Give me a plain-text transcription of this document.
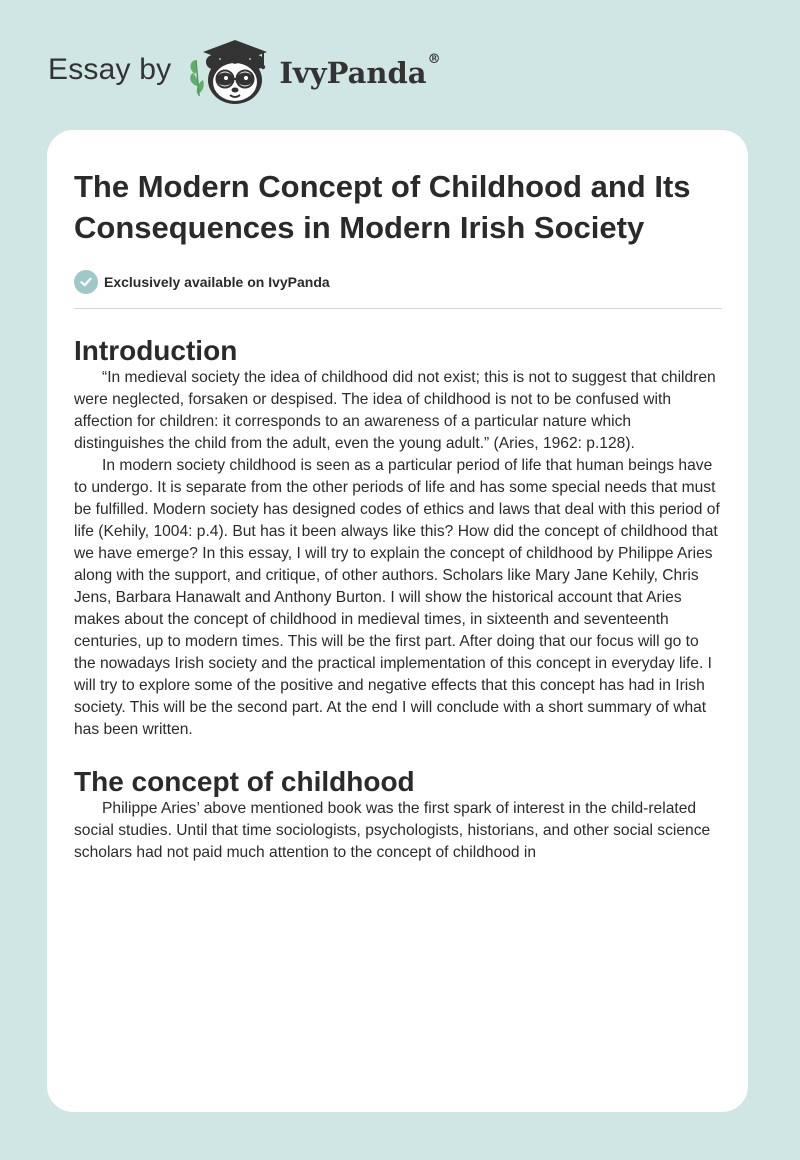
Essay by	IvyPanda®
The Modern Concept of Childhood and Its Consequences in Modern Irish Society
Exclusively available on IvyPanda
Introduction

“In medieval society the idea of childhood did not exist; this is not to suggest that children were neglected, forsaken or despised. The idea of childhood is not to be confused with affection for children: it corresponds to an awareness of a particular nature which distinguishes the child from the adult, even the young adult.” (Aries, 1962: p.128).

In modern society childhood is seen as a particular period of life that human beings have to undergo. It is separate from the other periods of life and has some special needs that must be fulfilled. Modern society has designed codes of ethics and laws that deal with this period of life (Kehily, 1004: p.4). But has it been always like this? How did the concept of childhood that we have emerge? In this essay, I will try to explain the concept of childhood by Philippe Aries along with the support, and critique, of other authors. Scholars like Mary Jane Kehily, Chris Jens, Barbara Hanawalt and Anthony Burton. I will show the historical account that Aries makes about the concept of childhood in medieval times, in sixteenth and seventeenth centuries, up to modern times. This will be the first part. After doing that our focus will go to the nowadays Irish society and the practical implementation of this concept in everyday life. I will try to explore some of the positive and negative effects that this concept has had in Irish society. This will be the second part. At the end I will conclude with a short summary of what has been written.

The concept of childhood

Philippe Aries’ above mentioned book was the first spark of interest in the child-related social studies. Until that time sociologists, psychologists, historians, and other social science scholars had not paid much attention to the concept of childhood in
